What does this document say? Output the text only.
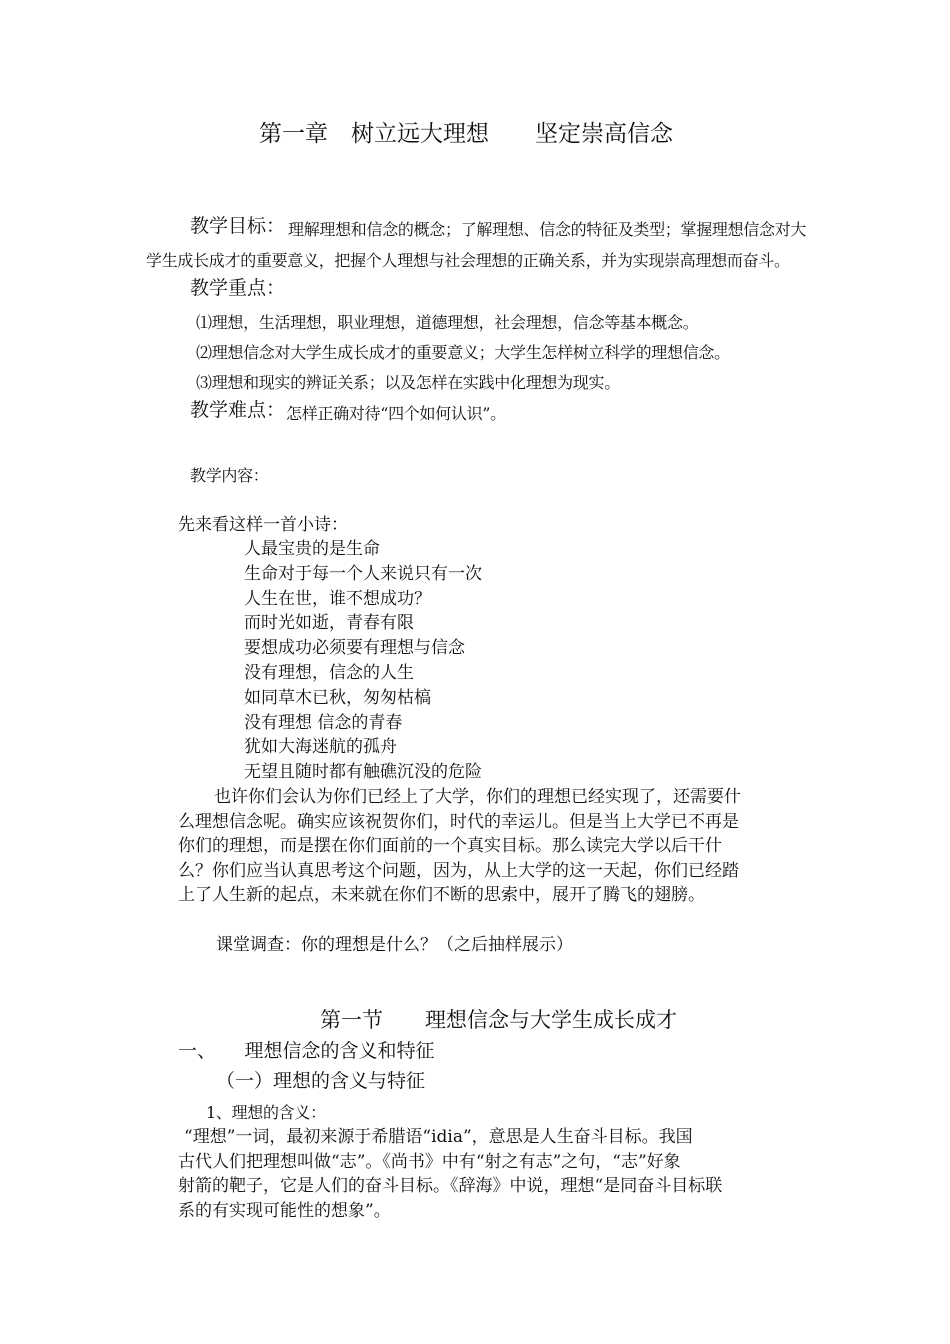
第一章　树立远大理想　　坚定崇高信念
教学目标： 理解理想和信念的概念；了解理想、信念的特征及类型；掌握理想信念对大
学生成长成才的重要意义，把握个人理想与社会理想的正确关系，并为实现崇高理想而奋斗。
教学重点：
⑴理想，生活理想，职业理想，道德理想，社会理想，信念等基本概念。
⑵理想信念对大学生成长成才的重要意义；大学生怎样树立科学的理想信念。
⑶理想和现实的辨证关系；以及怎样在实践中化理想为现实。
教学难点： 怎样正确对待“四个如何认识”。
教学内容：
先来看这样一首小诗：
人最宝贵的是生命
生命对于每一个人来说只有一次
人生在世，谁不想成功？
而时光如逝，青春有限
要想成功必须要有理想与信念
没有理想，信念的人生
如同草木已秋，匆匆枯槁
没有理想 信念的青春
犹如大海迷航的孤舟
无望且随时都有触礁沉没的危险
也许你们会认为你们已经上了大学，你们的理想已经实现了，还需要什
么理想信念呢。确实应该祝贺你们，时代的幸运儿。但是当上大学已不再是
你们的理想，而是摆在你们面前的一个真实目标。那么读完大学以后干什
么？你们应当认真思考这个问题，因为，从上大学的这一天起，你们已经踏
上了人生新的起点，未来就在你们不断的思索中，展开了腾飞的翅膀。
课堂调查：你的理想是什么？（之后抽样展示）
第一节　　理想信念与大学生成长成才
一、　　理想信念的含义和特征
（一）理想的含义与特征
1、理想的含义：
“理想”一词，最初来源于希腊语“idia”，意思是人生奋斗目标。我国
古代人们把理想叫做“志”。《尚书》中有“射之有志”之句，“志”好象
射箭的靶子，它是人们的奋斗目标。《辞海》中说，理想“是同奋斗目标联
系的有实现可能性的想象”。
